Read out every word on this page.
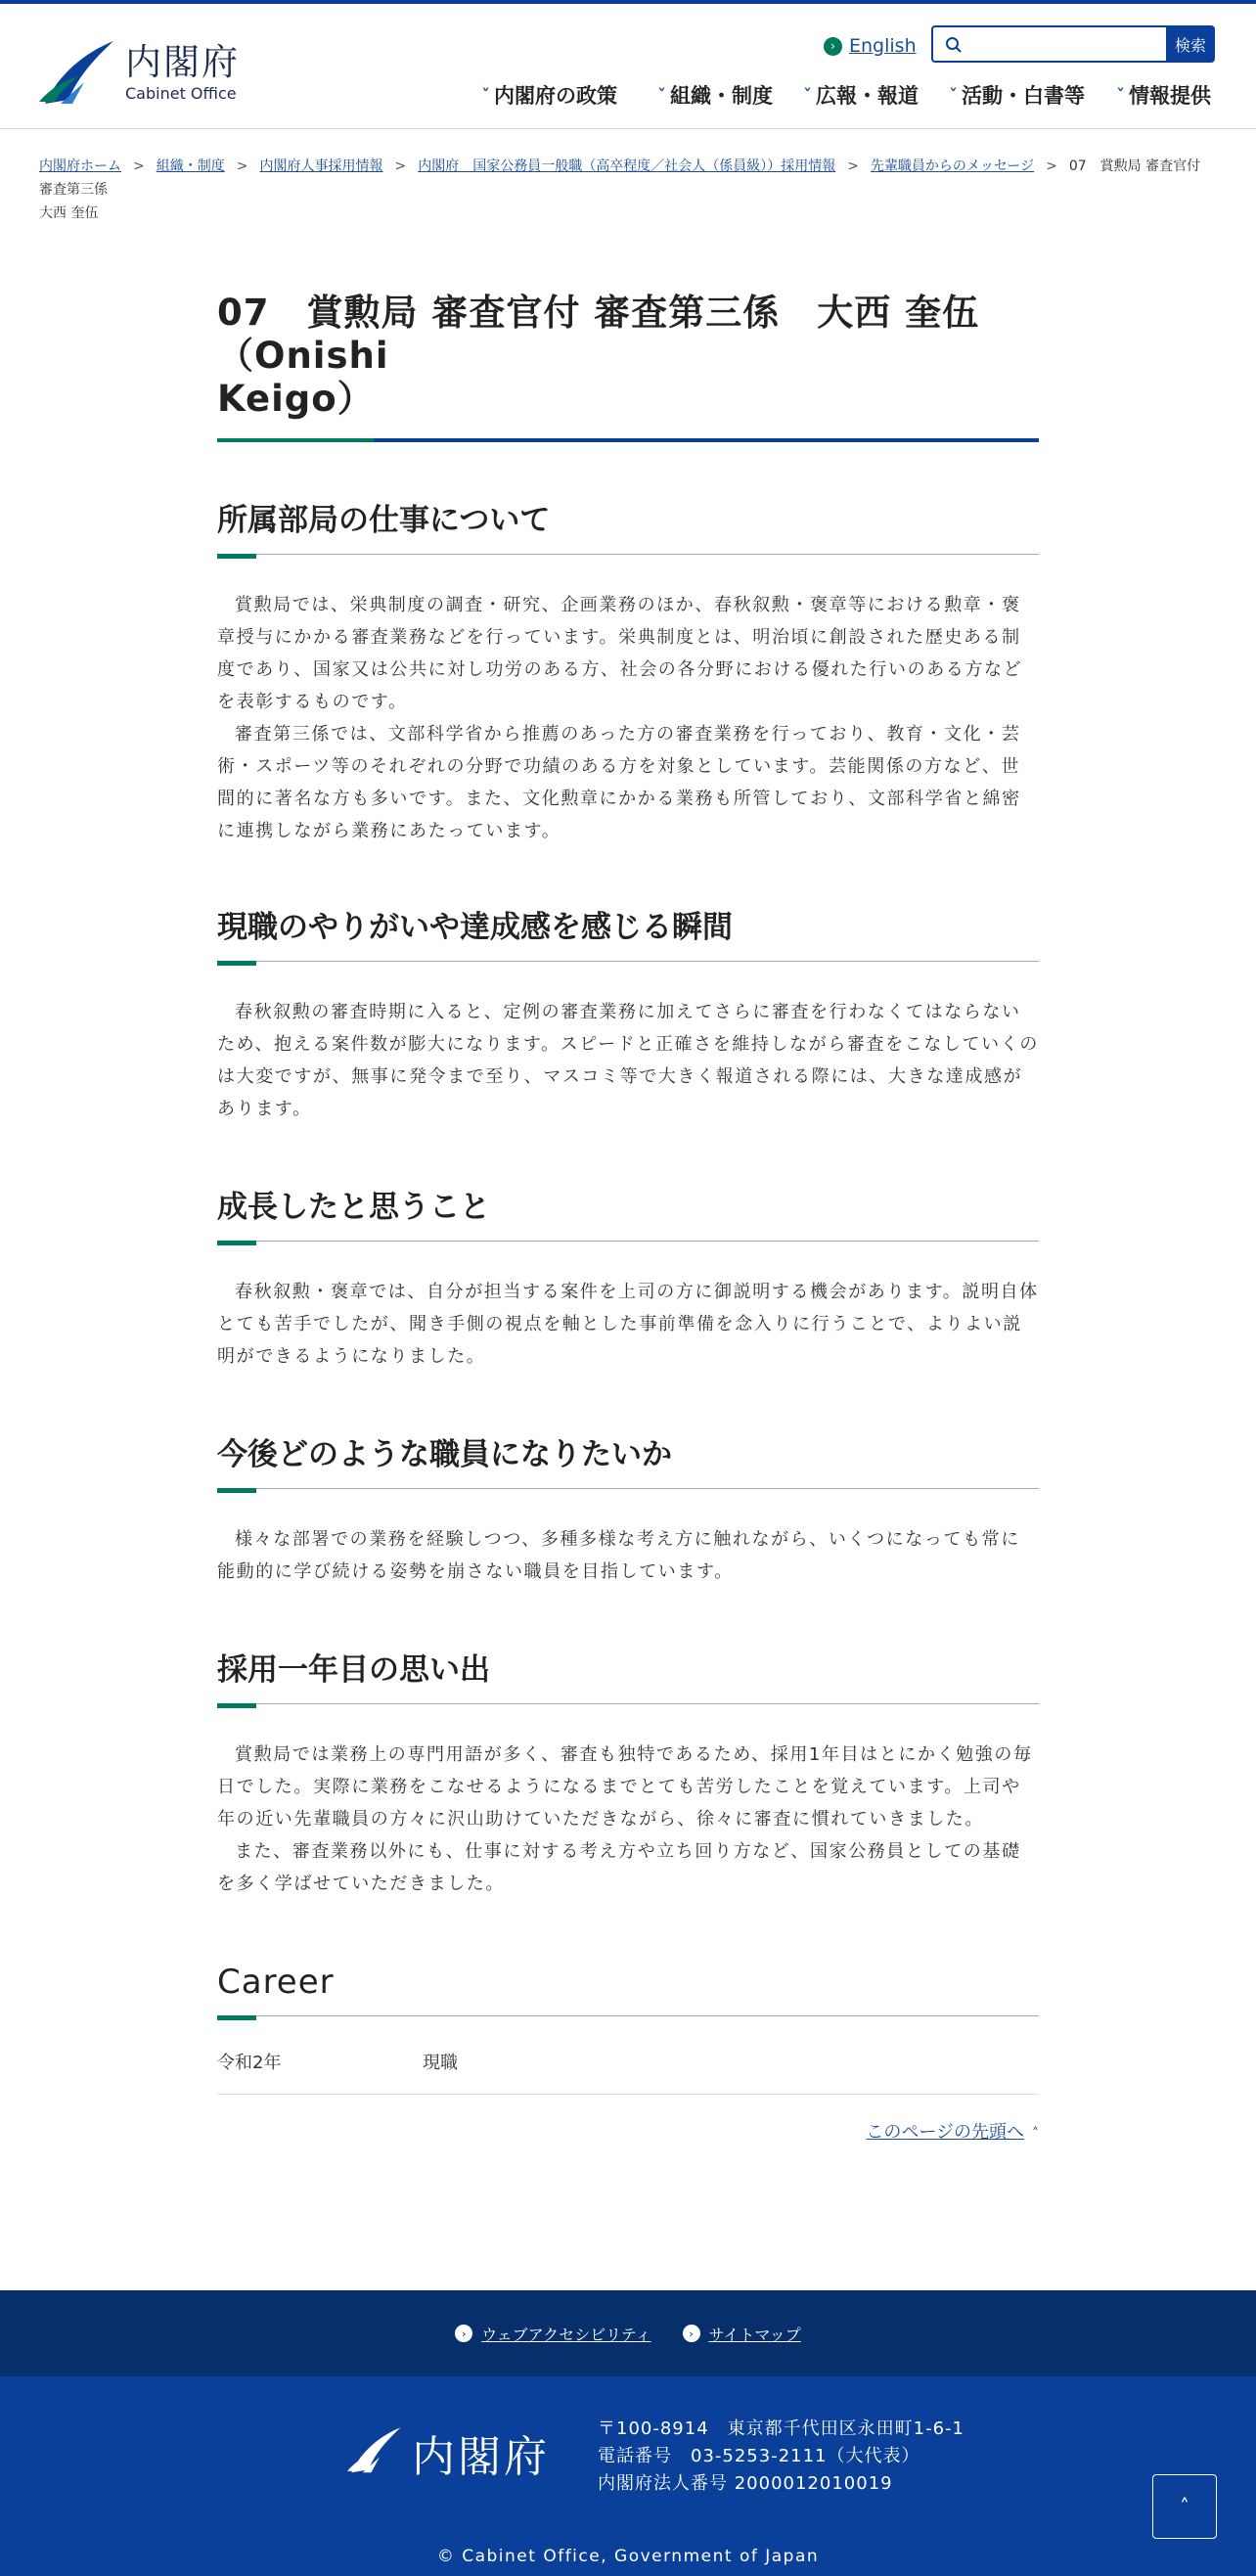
内閣府
Cabinet Office
› English	検索
˅ 内閣府の政策	˅ 組織・制度 ˅ 広報・報道 ˅ 活動・白書等 ˅ 情報提供
内閣府ホーム > 組織・制度 > 内閣府人事採用情報 > 内閣府　国家公務員一般職（高卒程度／社会人（係員級））採用情報 > 先輩職員からのメッセージ > 07　賞勲局 審査官付 審査第三係
大西 奎伍
07　賞勲局 審査官付 審査第三係　大西 奎伍（Onishi
Keigo）
所属部局の仕事について

賞勲局では、栄典制度の調査・研究、企画業務のほか、春秋叙勲・褒章等における勲章・褒章授与にかかる審査業務などを行っています。栄典制度とは、明治頃に創設された歴史ある制度であり、国家又は公共に対し功労のある方、社会の各分野における優れた行いのある方などを表彰するものです。

審査第三係では、文部科学省から推薦のあった方の審査業務を行っており、教育・文化・芸術・スポーツ等のそれぞれの分野で功績のある方を対象としています。芸能関係の方など、世間的に著名な方も多いです。また、文化勲章にかかる業務も所管しており、文部科学省と綿密に連携しながら業務にあたっています。

現職のやりがいや達成感を感じる瞬間

春秋叙勲の審査時期に入ると、定例の審査業務に加えてさらに審査を行わなくてはならないため、抱える案件数が膨大になります。スピードと正確さを維持しながら審査をこなしていくのは大変ですが、無事に発令まで至り、マスコミ等で大きく報道される際には、大きな達成感があります。

成長したと思うこと

春秋叙勲・褒章では、自分が担当する案件を上司の方に御説明する機会があります。説明自体とても苦手でしたが、聞き手側の視点を軸とした事前準備を念入りに行うことで、よりよい説明ができるようになりました。

今後どのような職員になりたいか

様々な部署での業務を経験しつつ、多種多様な考え方に触れながら、いくつになっても常に能動的に学び続ける姿勢を崩さない職員を目指しています。

採用一年目の思い出

賞勲局では業務上の専門用語が多く、審査も独特であるため、採用1年目はとにかく勉強の毎日でした。実際に業務をこなせるようになるまでとても苦労したことを覚えています。上司や年の近い先輩職員の方々に沢山助けていただきながら、徐々に審査に慣れていきました。

また、審査業務以外にも、仕事に対する考え方や立ち回り方など、国家公務員としての基礎を多く学ばせていただきました。

Career
令和2年	現職
このページの先頭へ ˄
› ウェブアクセシビリティ	› サイトマップ
内閣府
〒100-8914　東京都千代田区永田町1-6-1
電話番号　03-5253-2111（大代表）
内閣府法人番号 2000012010019
˄
© Cabinet Office, Government of Japan
